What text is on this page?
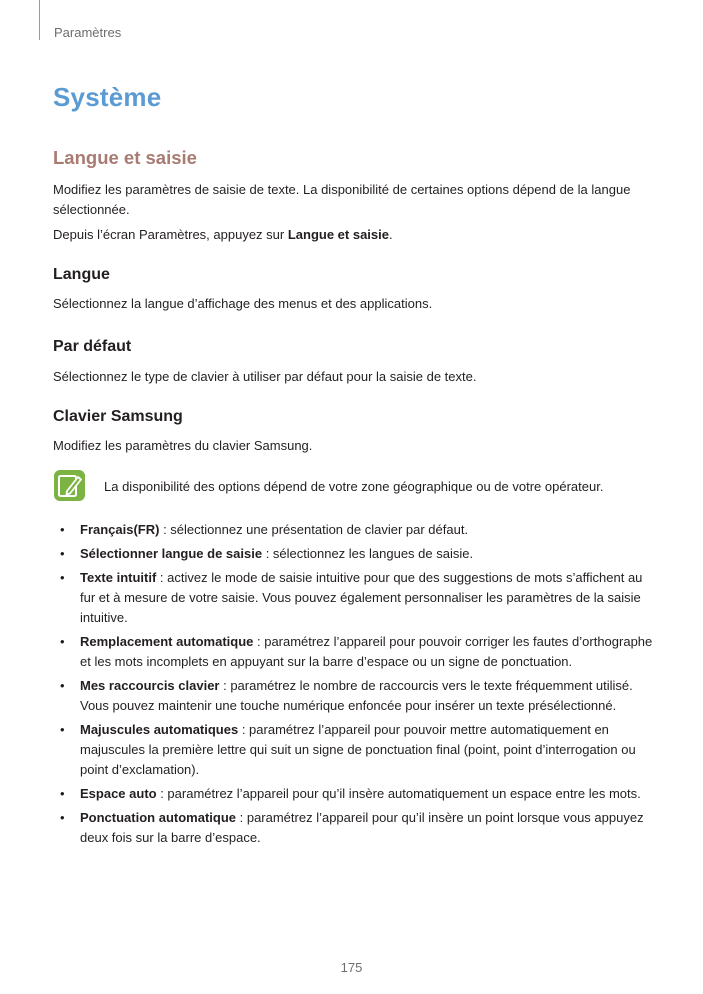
Paramètres
Système
Langue et saisie
Modifiez les paramètres de saisie de texte. La disponibilité de certaines options dépend de la langue sélectionnée.
Depuis l’écran Paramètres, appuyez sur Langue et saisie.
Langue
Sélectionnez la langue d’affichage des menus et des applications.
Par défaut
Sélectionnez le type de clavier à utiliser par défaut pour la saisie de texte.
Clavier Samsung
Modifiez les paramètres du clavier Samsung.
La disponibilité des options dépend de votre zone géographique ou de votre opérateur.
• Français(FR) : sélectionnez une présentation de clavier par défaut.
• Sélectionner langue de saisie : sélectionnez les langues de saisie.
• Texte intuitif : activez le mode de saisie intuitive pour que des suggestions de mots s’affichent au fur et à mesure de votre saisie. Vous pouvez également personnaliser les paramètres de la saisie intuitive.
• Remplacement automatique : paramétrez l’appareil pour pouvoir corriger les fautes d’orthographe et les mots incomplets en appuyant sur la barre d’espace ou un signe de ponctuation.
• Mes raccourcis clavier : paramétrez le nombre de raccourcis vers le texte fréquemment utilisé. Vous pouvez maintenir une touche numérique enfoncée pour insérer un texte présélectionné.
• Majuscules automatiques : paramétrez l’appareil pour pouvoir mettre automatiquement en majuscules la première lettre qui suit un signe de ponctuation final (point, point d’interrogation ou point d’exclamation).
• Espace auto : paramétrez l’appareil pour qu’il insère automatiquement un espace entre les mots.
• Ponctuation automatique : paramétrez l’appareil pour qu’il insère un point lorsque vous appuyez deux fois sur la barre d’espace.
175
